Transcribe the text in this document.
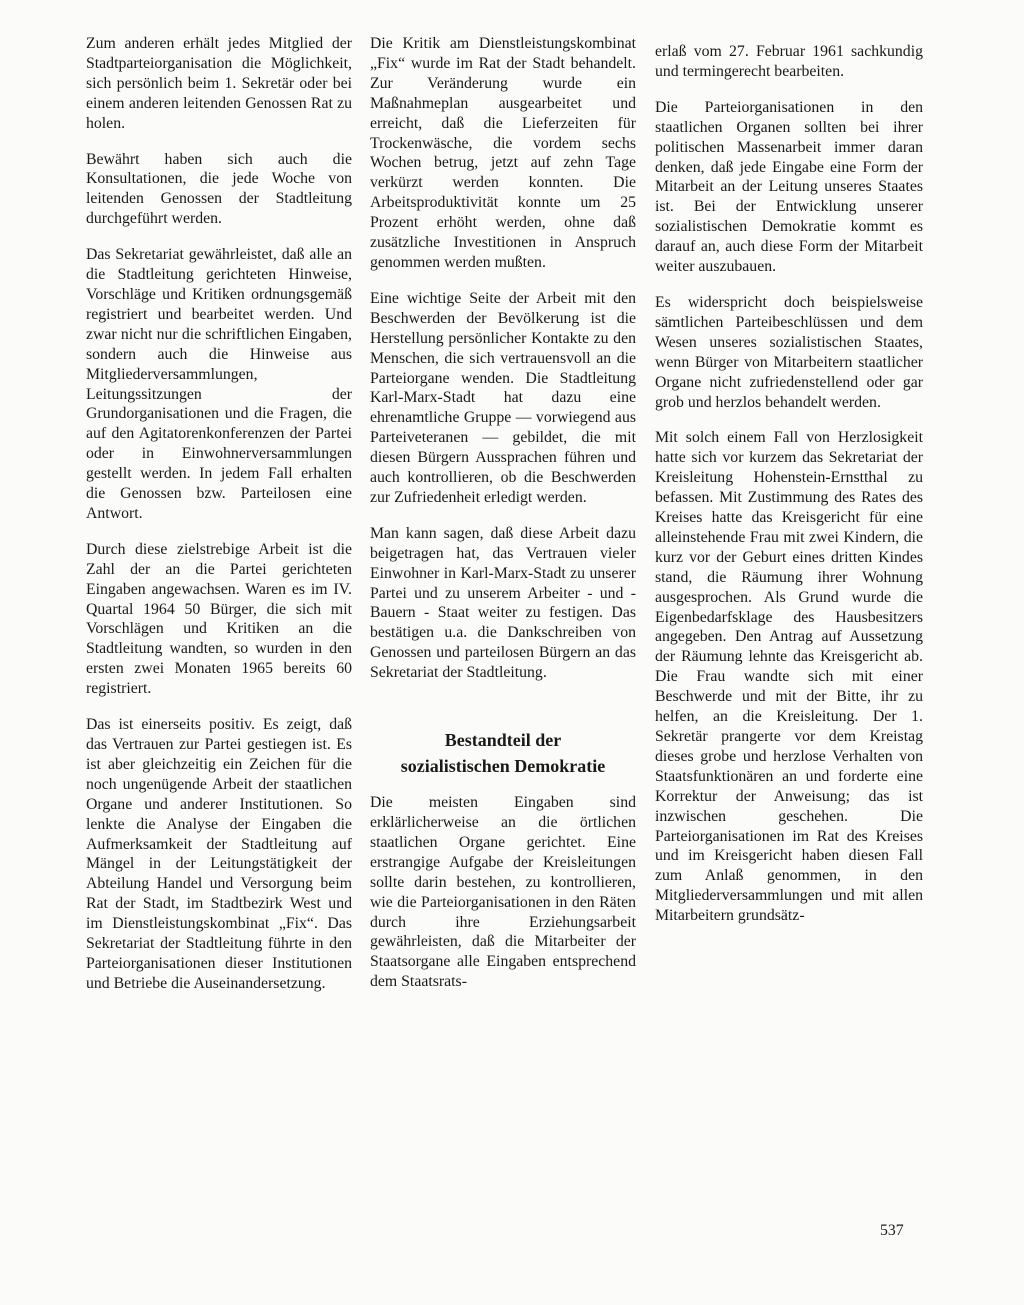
Zum anderen erhält jedes Mitglied der Stadtparteiorganisation die Möglichkeit, sich persönlich beim 1. Sekretär oder bei einem anderen leitenden Genossen Rat zu holen.

Bewährt haben sich auch die Konsultationen, die jede Woche von leitenden Genossen der Stadtleitung durchgeführt werden.

Das Sekretariat gewährleistet, daß alle an die Stadtleitung gerichteten Hinweise, Vorschläge und Kritiken ordnungsgemäß registriert und bearbeitet werden. Und zwar nicht nur die schriftlichen Eingaben, sondern auch die Hinweise aus Mitgliederversammlungen, Leitungssitzungen der Grundorganisationen und die Fragen, die auf den Agitatorenkonferenzen der Partei oder in Einwohnerversammlungen gestellt werden. In jedem Fall erhalten die Genossen bzw. Parteilosen eine Antwort.

Durch diese zielstrebige Arbeit ist die Zahl der an die Partei gerichteten Eingaben angewachsen. Waren es im IV. Quartal 1964 50 Bürger, die sich mit Vorschlägen und Kritiken an die Stadtleitung wandten, so wurden in den ersten zwei Monaten 1965 bereits 60 registriert.

Das ist einerseits positiv. Es zeigt, daß das Vertrauen zur Partei gestiegen ist. Es ist aber gleichzeitig ein Zeichen für die noch ungenügende Arbeit der staatlichen Organe und anderer Institutionen. So lenkte die Analyse der Eingaben die Aufmerksamkeit der Stadtleitung auf Mängel in der Leitungstätigkeit der Abteilung Handel und Versorgung beim Rat der Stadt, im Stadtbezirk West und im Dienstleistungskombinat „Fix“. Das Sekretariat der Stadtleitung führte in den Parteiorganisationen dieser Institutionen und Betriebe die Auseinandersetzung.

Die Kritik am Dienstleistungskombinat „Fix“ wurde im Rat der Stadt behandelt. Zur Veränderung wurde ein Maßnahmeplan ausgearbeitet und erreicht, daß die Lieferzeiten für Trockenwäsche, die vordem sechs Wochen betrug, jetzt auf zehn Tage verkürzt werden konnten. Die Arbeitsproduktivität konnte um 25 Prozent erhöht werden, ohne daß zusätzliche Investitionen in Anspruch genommen werden mußten.

Eine wichtige Seite der Arbeit mit den Beschwerden der Bevölkerung ist die Herstellung persönlicher Kontakte zu den Menschen, die sich vertrauensvoll an die Parteiorgane wenden. Die Stadtleitung Karl-Marx-Stadt hat dazu eine ehrenamtliche Gruppe — vorwiegend aus Parteiveteranen — gebildet, die mit diesen Bürgern Aussprachen führen und auch kontrollieren, ob die Beschwerden zur Zufriedenheit erledigt werden.

Man kann sagen, daß diese Arbeit dazu beigetragen hat, das Vertrauen vieler Einwohner in Karl-Marx-Stadt zu unserer Partei und zu unserem Arbeiter - und - Bauern - Staat weiter zu festigen. Das bestätigen u.a. die Dankschreiben von Genossen und parteilosen Bürgern an das Sekretariat der Stadtleitung.

Bestandteil der
sozialistischen Demokratie

Die meisten Eingaben sind erklärlicherweise an die örtlichen staatlichen Organe gerichtet. Eine erstrangige Aufgabe der Kreisleitungen sollte darin bestehen, zu kontrollieren, wie die Parteiorganisationen in den Räten durch ihre Erziehungsarbeit gewährleisten, daß die Mitarbeiter der Staatsorgane alle Eingaben entsprechend dem Staatsrats-

erlaß vom 27. Februar 1961 sachkundig und termingerecht bearbeiten.

Die Parteiorganisationen in den staatlichen Organen sollten bei ihrer politischen Massenarbeit immer daran denken, daß jede Eingabe eine Form der Mitarbeit an der Leitung unseres Staates ist. Bei der Entwicklung unserer sozialistischen Demokratie kommt es darauf an, auch diese Form der Mitarbeit weiter auszubauen.

Es widerspricht doch beispielsweise sämtlichen Parteibeschlüssen und dem Wesen unseres sozialistischen Staates, wenn Bürger von Mitarbeitern staatlicher Organe nicht zufriedenstellend oder gar grob und herzlos behandelt werden.

Mit solch einem Fall von Herzlosigkeit hatte sich vor kurzem das Sekretariat der Kreisleitung Hohenstein-Ernstthal zu befassen. Mit Zustimmung des Rates des Kreises hatte das Kreisgericht für eine alleinstehende Frau mit zwei Kindern, die kurz vor der Geburt eines dritten Kindes stand, die Räumung ihrer Wohnung ausgesprochen. Als Grund wurde die Eigenbedarfsklage des Hausbesitzers angegeben. Den Antrag auf Aussetzung der Räumung lehnte das Kreisgericht ab. Die Frau wandte sich mit einer Beschwerde und mit der Bitte, ihr zu helfen, an die Kreisleitung. Der 1. Sekretär prangerte vor dem Kreistag dieses grobe und herzlose Verhalten von Staatsfunktionären an und forderte eine Korrektur der Anweisung; das ist inzwischen geschehen. Die Parteiorganisationen im Rat des Kreises und im Kreisgericht haben diesen Fall zum Anlaß genommen, in den Mitgliederversammlungen und mit allen Mitarbeitern grundsätz-

537
